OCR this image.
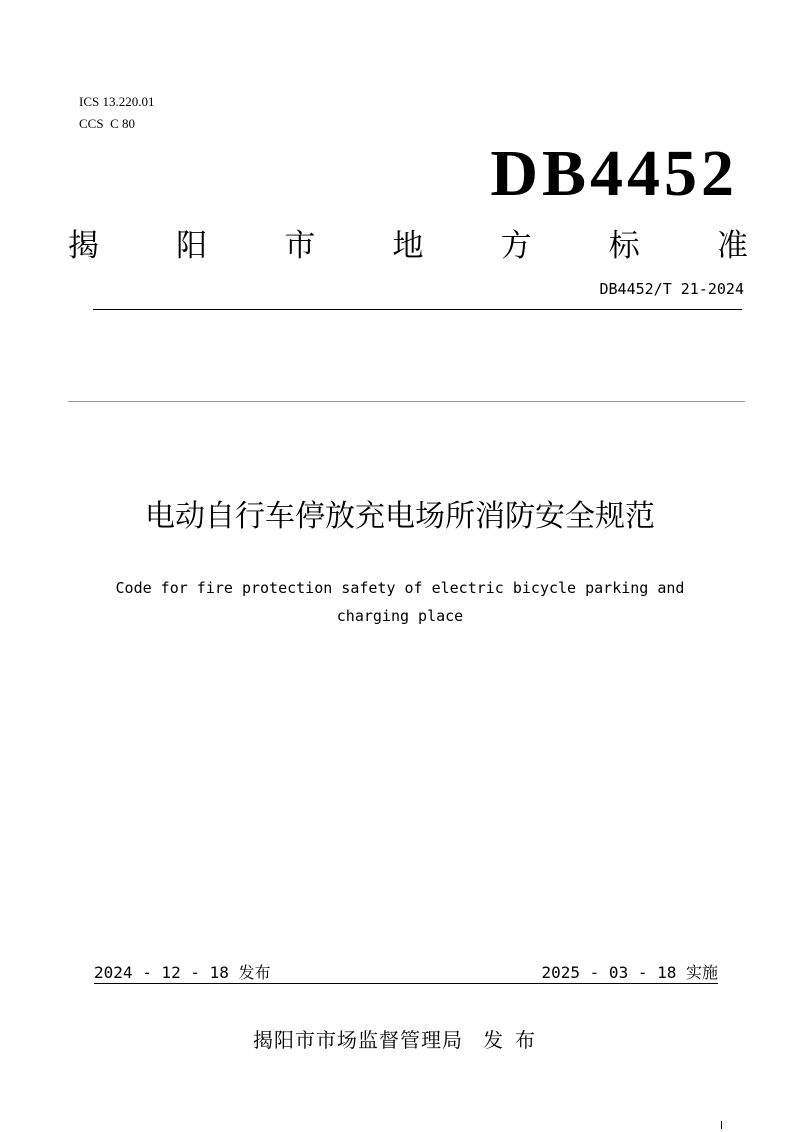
ICS 13.220.01
CCS  C 80
DB4452
揭 阳 市 地 方 标 准
DB4452/T 21-2024
电动自行车停放充电场所消防安全规范
Code for fire protection safety of electric bicycle parking and
charging place
2024 - 12 - 18 发布	2025 - 03 - 18 实施
揭阳市市场监督管理局 发布
